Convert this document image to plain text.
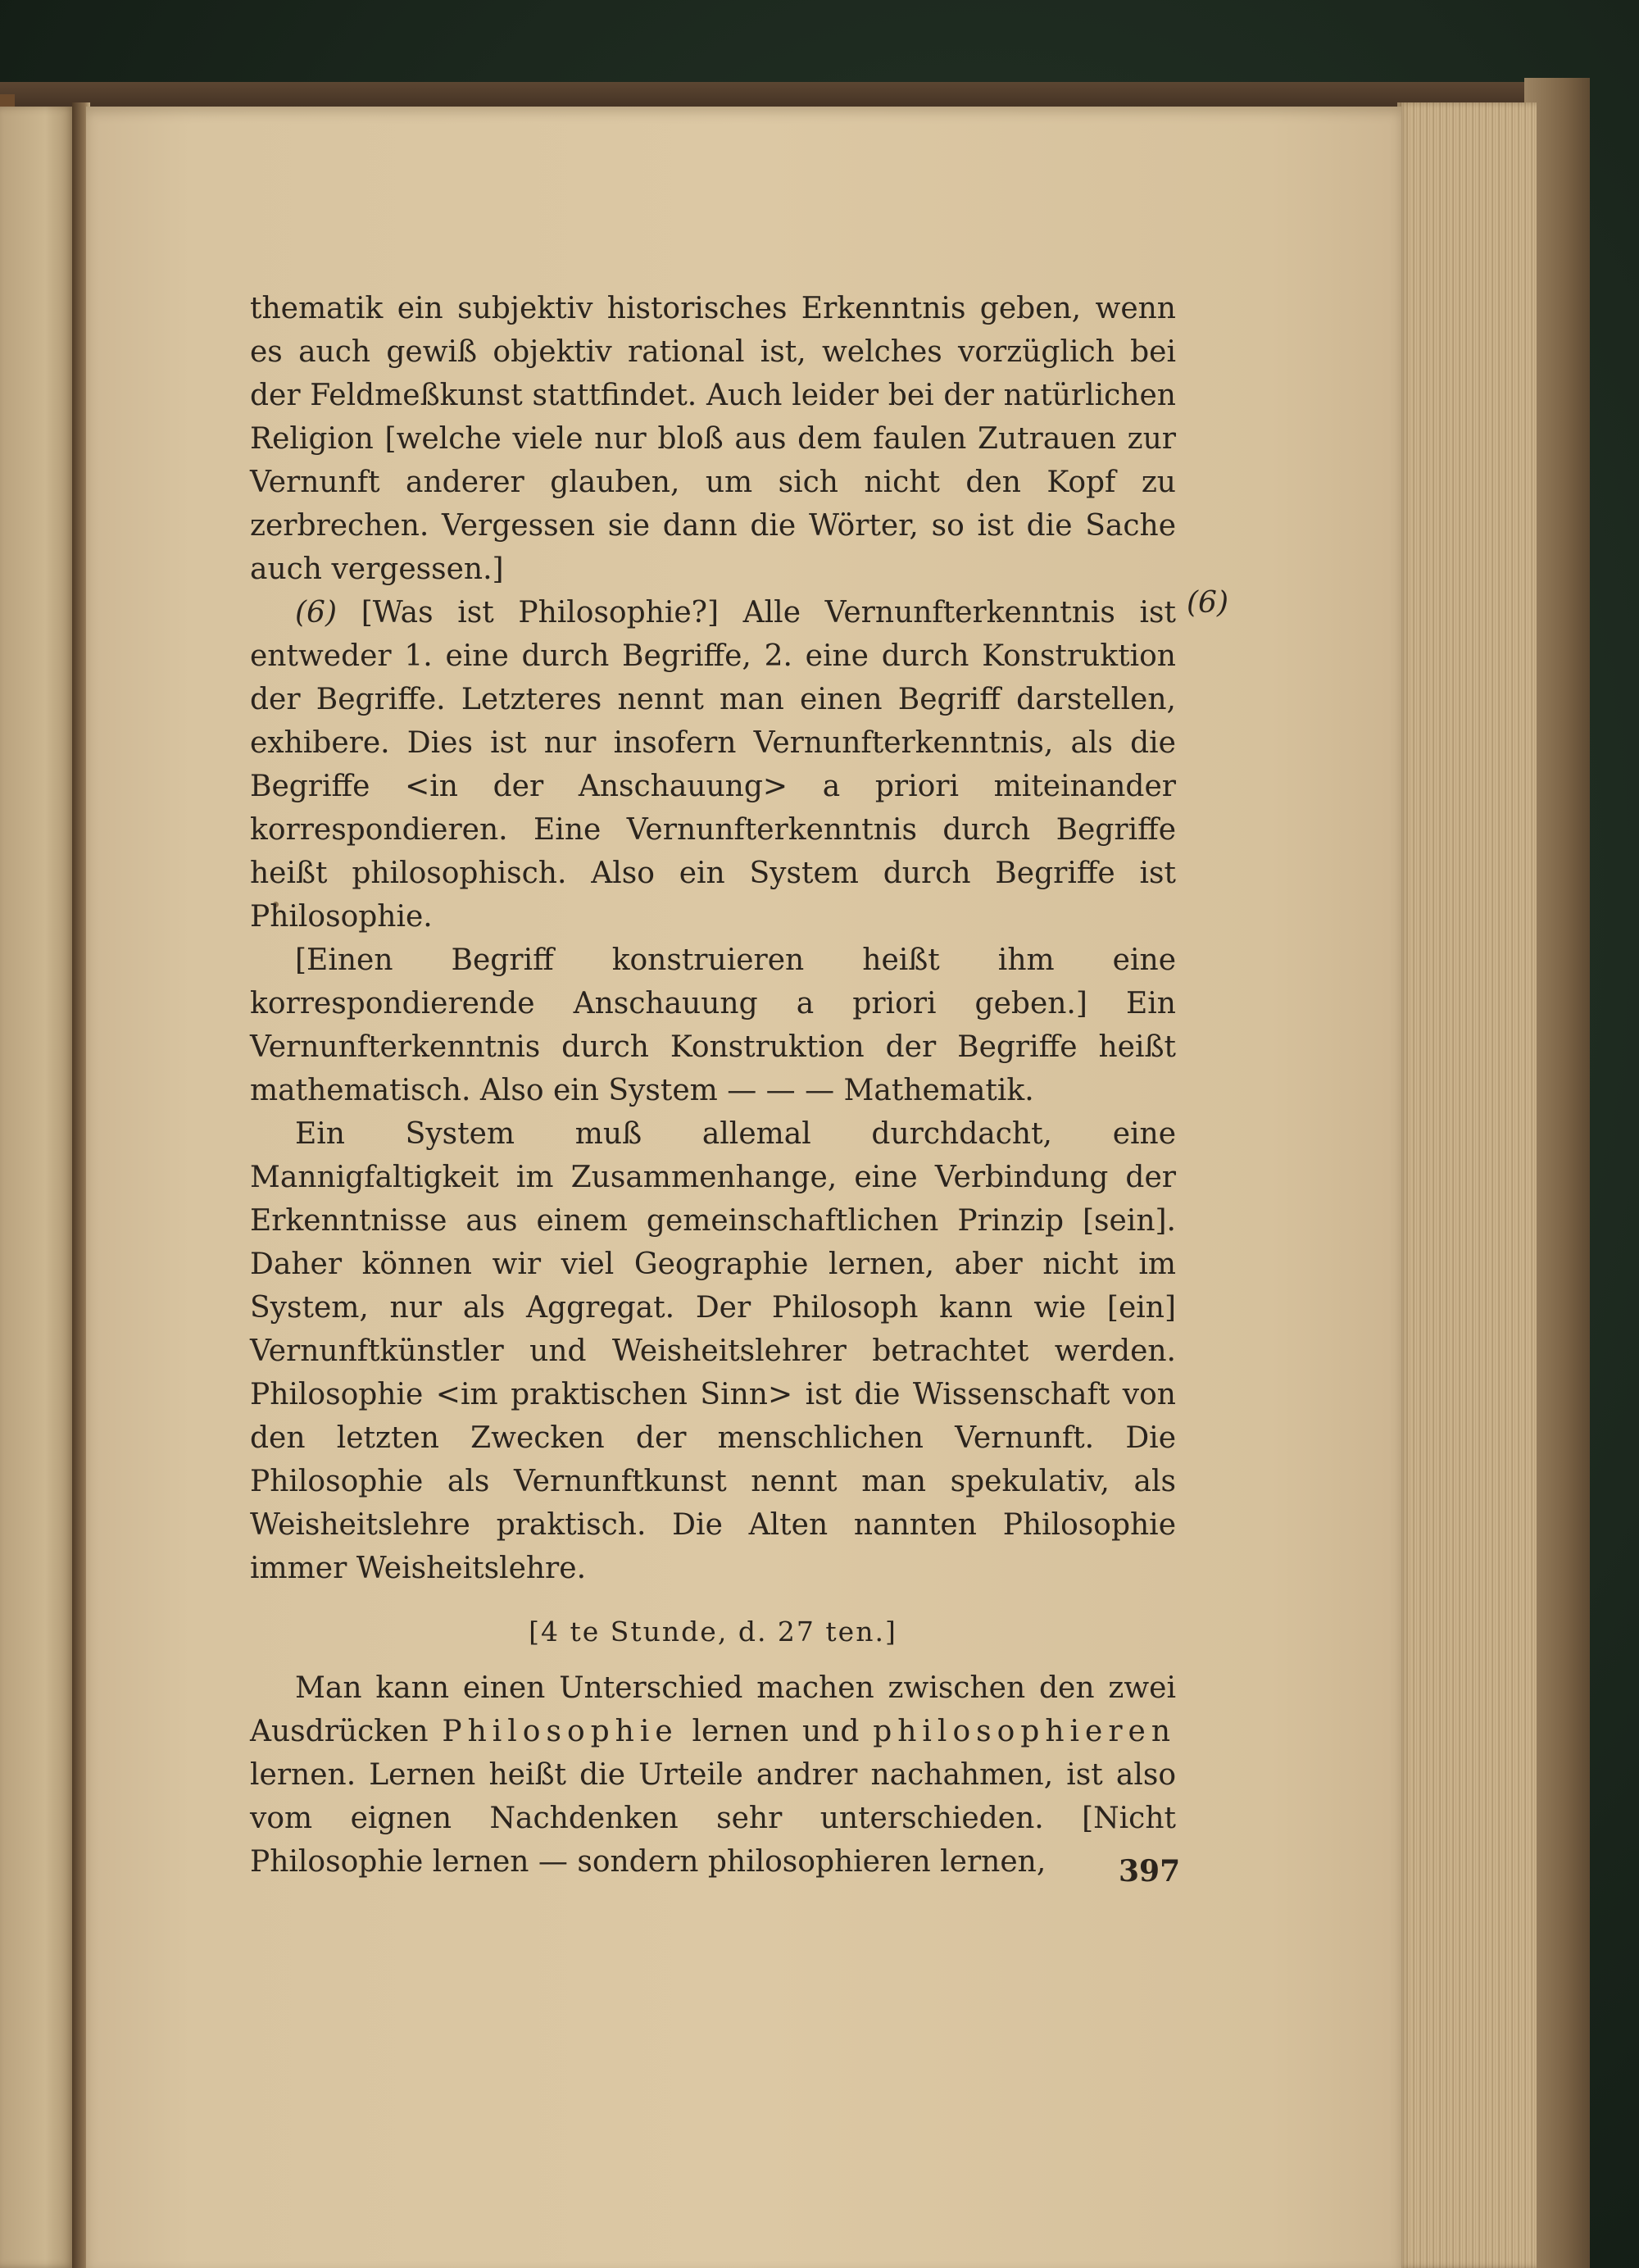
thematik ein subjektiv historisches Erkenntnis geben, wenn es auch gewiß objektiv rational ist, welches vorzüglich bei der Feldmeßkunst stattfindet. Auch leider bei der natürlichen Religion [welche viele nur bloß aus dem faulen Zutrauen zur Vernunft anderer glauben, um sich nicht den Kopf zu zerbrechen. Vergessen sie dann die Wörter, so ist die Sache auch vergessen.]

(6) [Was ist Philosophie?] Alle Vernunfterkenntnis ist entweder 1. eine durch Begriffe, 2. eine durch Konstruktion der Begriffe. Letzteres nennt man einen Begriff darstellen, exhibere. Dies ist nur insofern Vernunfterkenntnis, als die Begriffe <in der Anschauung> a priori miteinander korrespondieren. Eine Vernunfterkenntnis durch Begriffe heißt philosophisch. Also ein System durch Begriffe ist Philosophie.

[Einen Begriff konstruieren heißt ihm eine korrespondierende Anschauung a priori geben.] Ein Vernunfterkenntnis durch Konstruktion der Begriffe heißt mathematisch. Also ein System — — — Mathematik.

Ein System muß allemal durchdacht, eine Mannigfaltigkeit im Zusammenhange, eine Verbindung der Erkenntnisse aus einem gemeinschaftlichen Prinzip [sein]. Daher können wir viel Geographie lernen, aber nicht im System, nur als Aggregat. Der Philosoph kann wie [ein] Vernunftkünstler und Weisheitslehrer betrachtet werden. Philosophie <im praktischen Sinn> ist die Wissenschaft von den letzten Zwecken der menschlichen Vernunft. Die Philosophie als Vernunftkunst nennt man spekulativ, als Weisheitslehre praktisch. Die Alten nannten Philosophie immer Weisheitslehre.

[4 te Stunde, d. 27 ten.]

Man kann einen Unterschied machen zwischen den zwei Ausdrücken Philosophie lernen und philosophieren lernen. Lernen heißt die Urteile andrer nachahmen, ist also vom eignen Nachdenken sehr unterschieden. [Nicht Philosophie lernen — sondern philosophieren lernen,

(6)
397
